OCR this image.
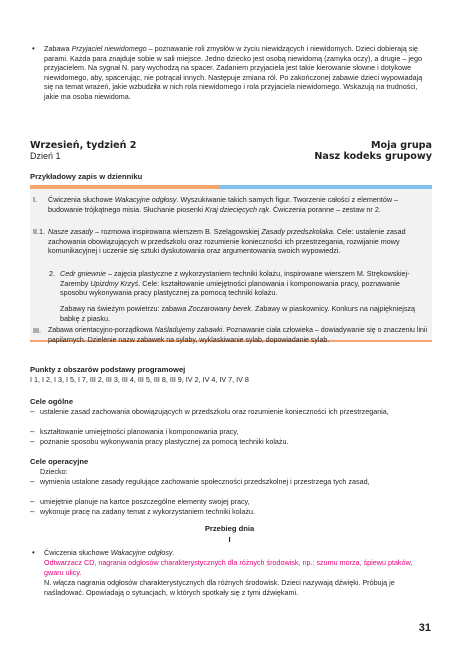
• Zabawa Przyjaciel niewidomego – poznawanie roli zmysłów w życiu niewidzących i niewidomych. Dzieci dobierają się parami. Każda para znajduje sobie w sali miejsce. Jedno dziecko jest osobą niewidomą (zamyka oczy), a drugie – jego przyjacielem. Na sygnał N. pary wychodzą na spacer. Zadaniem przyjaciela jest takie kierowanie słowne i dotykowe niewidomego, aby, spacerując, nie potrącał innych. Następuje zmiana ról. Po zakończonej zabawie dzieci wypowiadają się na temat wrażeń, jakie wzbudziła w nich rola niewidomego i rola przyjaciela niewidomego. Wskazują na trudności, jakie ma osoba niewidoma.

Wrzesień, tydzień 2
Dzień 1
Moja grupa
Nasz kodeks grupowy
Przykładowy zapis w dzienniku
I. Ćwiczenia słuchowe Wakacyjne odgłosy. Wyszukiwanie takich samych figur. Tworzenie całości z elementów – budowanie trójkątnego misia. Słuchanie piosenki Kraj dziecięcych rąk. Ćwiczenia poranne – zestaw nr 2.

II.1. Nasze zasady – rozmowa inspirowana wierszem B. Szelągowskiej Zasady przedszkolaka. Cele: ustalenie zasad zachowania obowiązujących w przedszkolu oraz rozumienie konieczności ich przestrzegania, rozwijanie mowy komunikacyjnej i uczenie się sztuki dyskutowania oraz argumentowania swoich wypowiedzi.

2. Cedr gniewnie – zajęcia plastyczne z wykorzystaniem techniki kolażu, inspirowane wierszem M. Strękowskiej-Zaremby Upizdmy Krzyś. Cele: kształtowanie umiejętności planowania i komponowania pracy, poznawanie sposobu wykonywania pracy plastycznej za pomocą techniki kolażu.

Zabawy na świeżym powietrzu: zabawa Zoczarowany berek. Zabawy w piaskownicy. Konkurs na najpiękniejszą babkę z piasku.

III. Zabawa orientacyjno-porządkowa Naśladujemy zabawki. Poznawanie ciała człowieka – dowiadywanie się o znaczeniu linii papilarnych. Dzielenie nazw zabawek na sylaby, wyklaskiwanie sylab, dopowiadanie sylab.

Punkty z obszarów podstawy programowej
I 1, I 2, I 3, I 5, I 7, III 2, III 3, III 4, III 5, III 8, III 9, IV 2, IV 4, IV 7, IV 8
Cele ogólne
– ustalenie zasad zachowania obowiązujących w przedszkolu oraz rozumienie konieczności ich przestrzegania,

– kształtowanie umiejętności planowania i komponowania pracy,

– poznanie sposobu wykonywania pracy plastycznej za pomocą techniki kolażu.

Cele operacyjne
Dziecko:
– wymienia ustalone zasady regulujące zachowanie społeczności przedszkolnej i przestrzega tych zasad,

– umiejętnie planuje na kartce poszczególne elementy swojej pracy,

– wykonuje pracę na zadany temat z wykorzystaniem techniki kolażu.

Przebieg dnia
I
• Ćwiczenia słuchowe Wakacyjne odgłosy.

Odtwarzacz CD, nagrania odgłosów charakterystycznych dla różnych środowisk, np.: szumu morza, śpiewu ptaków, gwaru ulicy.

N. włącza nagrania odgłosów charakterystycznych dla różnych środowisk. Dzieci nazywają dźwięki. Próbują je naśladować. Opowiadają o sytuacjach, w których spotkały się z tymi dźwiękami.

31
